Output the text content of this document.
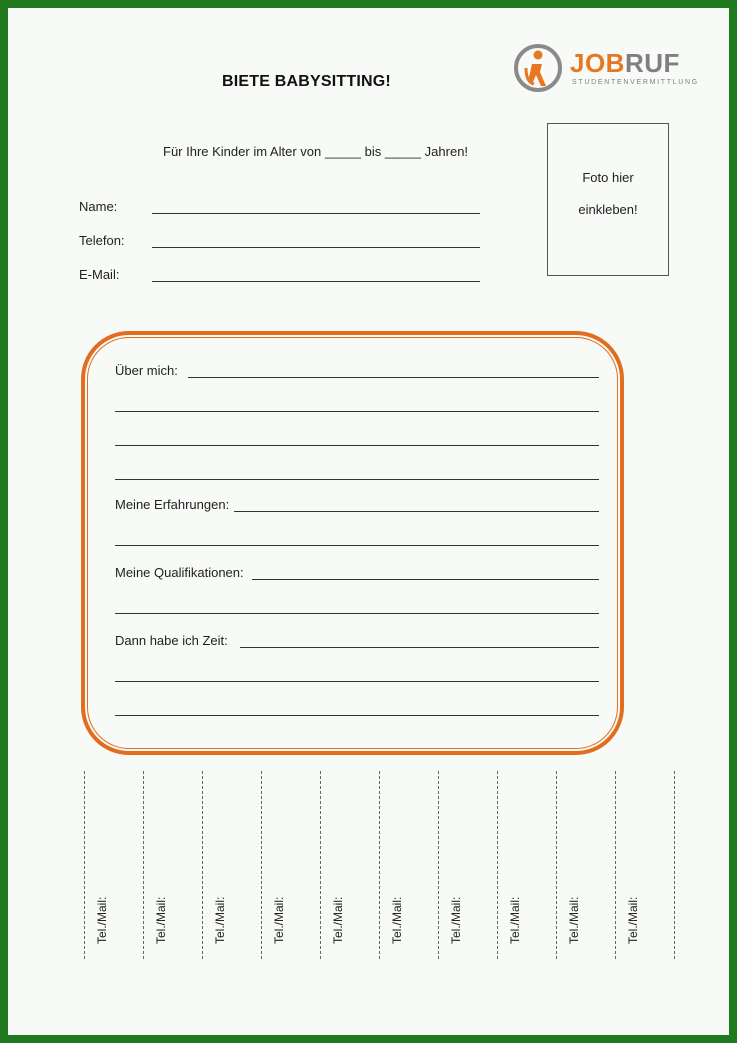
BIETE BABYSITTING!
JOBRUF
STUDENTENVERMITTLUNG
Für Ihre Kinder im Alter von _____ bis _____ Jahren!
Name:
Telefon:
E-Mail:
Foto hier
einkleben!
Über mich:
Meine Erfahrungen:
Meine Qualifikationen:
Dann habe ich Zeit:
Tel./Mail:	Tel./Mail:	Tel./Mail:	Tel./Mail:	Tel./Mail:	Tel./Mail:	Tel./Mail:	Tel./Mail:	Tel./Mail:	Tel./Mail:
